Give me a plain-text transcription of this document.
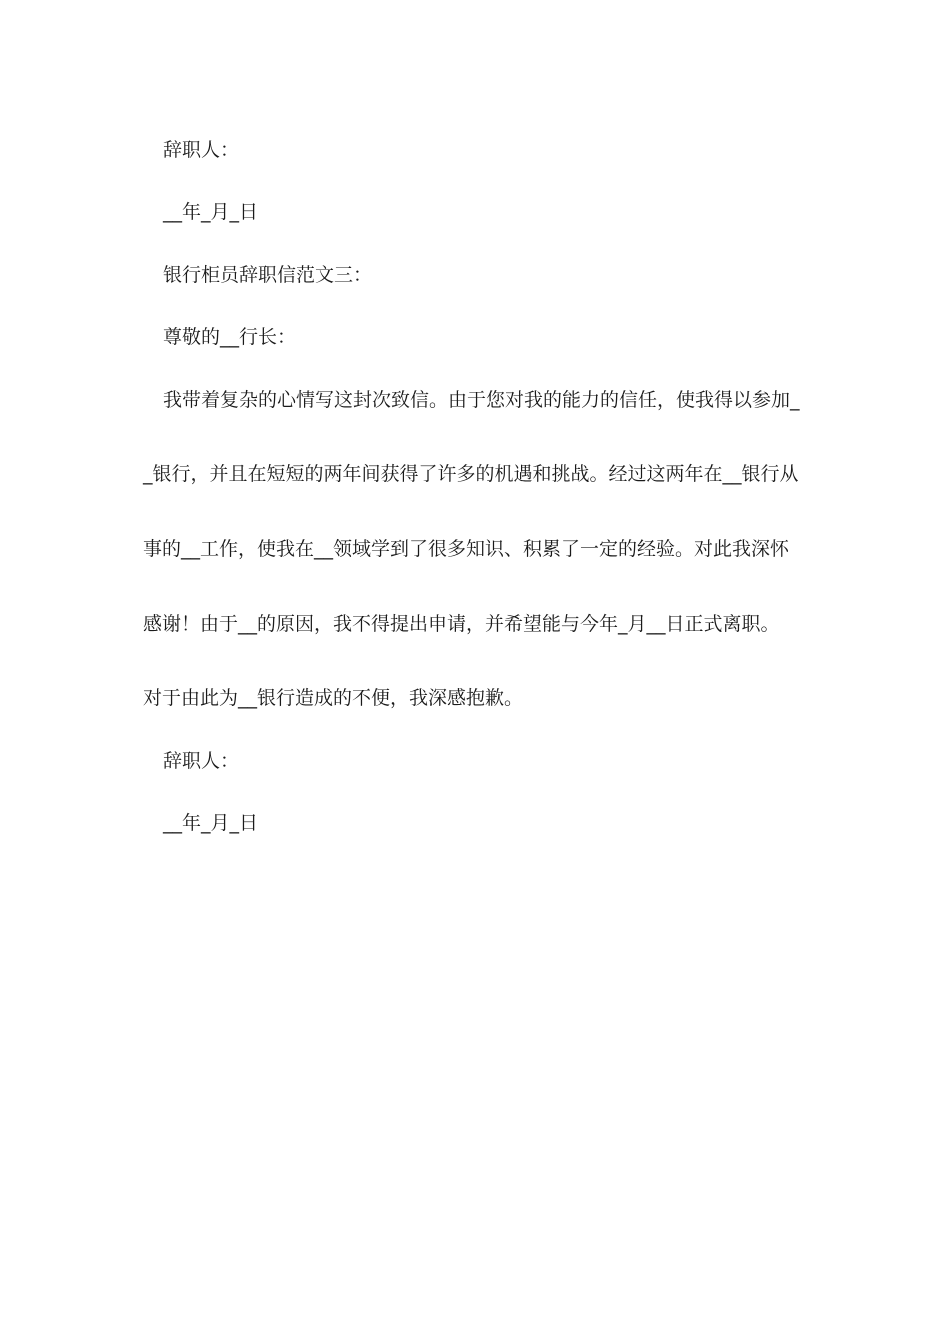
辞职人：
__年_月_日
银行柜员辞职信范文三：
尊敬的__行长：
我带着复杂的心情写这封次致信。由于您对我的能力的信任，使我得以参加_
_银行，并且在短短的两年间获得了许多的机遇和挑战。经过这两年在__银行从
事的__工作，使我在__领域学到了很多知识、积累了一定的经验。对此我深怀
感谢！由于__的原因，我不得提出申请，并希望能与今年_月__日正式离职。
对于由此为__银行造成的不便，我深感抱歉。
辞职人：
__年_月_日
